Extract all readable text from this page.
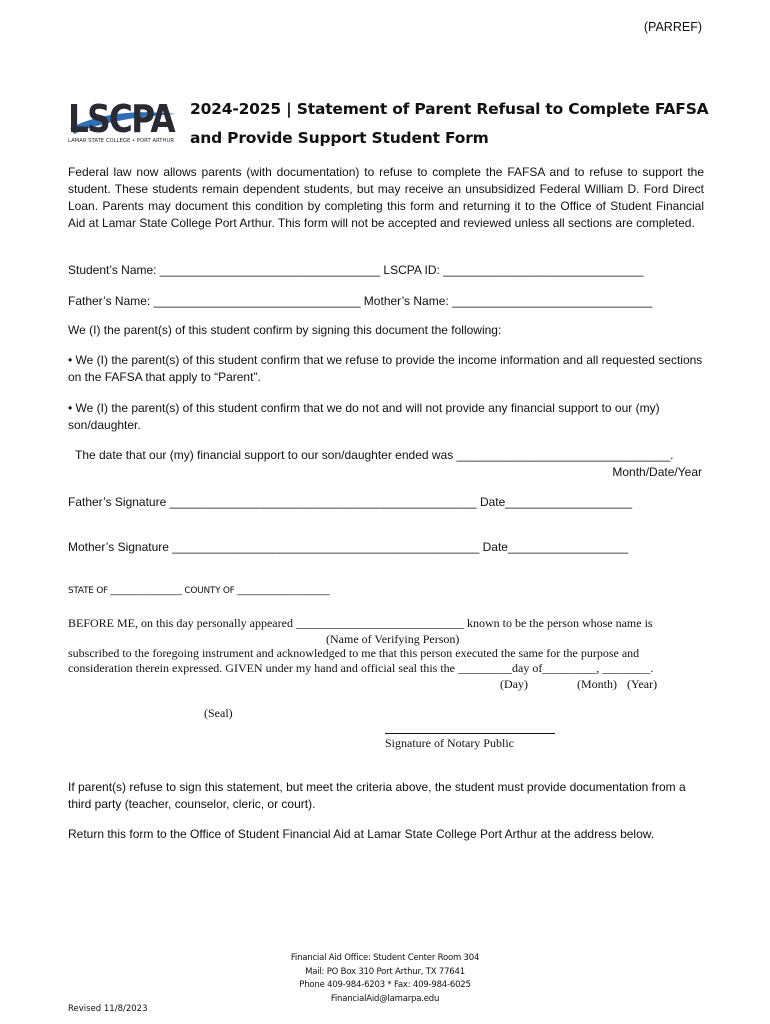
(PARREF)
LSCPA
LAMAR STATE COLLEGE • PORT ARTHUR
2024-2025 | Statement of Parent Refusal to Complete FAFSA
and Provide Support Student Form
Federal law now allows parents (with documentation) to refuse to complete the FAFSA and to refuse to support the student. These students remain dependent students, but may receive an unsubsidized Federal William D. Ford Direct Loan. Parents may document this condition by completing this form and returning it to the Office of Student Financial Aid at Lamar State College Port Arthur. This form will not be accepted and reviewed unless all sections are completed.
Student’s Name: _________________________________ LSCPA ID: ______________________________
Father’s Name: _______________________________ Mother’s Name: ______________________________
We (I) the parent(s) of this student confirm by signing this document the following:
• We (I) the parent(s) of this student confirm that we refuse to provide the income information and all requested sections on the FAFSA that apply to “Parent”.
• We (I) the parent(s) of this student confirm that we do not and will not provide any financial support to our (my) son/daughter.
The date that our (my) financial support to our son/daughter ended was ________________________________.
Month/Date/Year
Father’s Signature ______________________________________________ Date___________________
Mother’s Signature ______________________________________________ Date__________________
STATE OF _________________ COUNTY OF ______________________
BEFORE ME, on this day personally appeared ____________________________ known to be the person whose name is
(Name of Verifying Person)
subscribed to the foregoing instrument and acknowledged to me that this person executed the same for the purpose and
consideration therein expressed. GIVEN under my hand and official seal this the _________day of_________, ________.
(Day)	(Month) (Year)
(Seal)
Signature of Notary Public
If parent(s) refuse to sign this statement, but meet the criteria above, the student must provide documentation from a third party (teacher, counselor, cleric, or court).
Return this form to the Office of Student Financial Aid at Lamar State College Port Arthur at the address below.
Financial Aid Office: Student Center Room 304
Mail: PO Box 310 Port Arthur, TX 77641
Phone 409-984-6203 * Fax: 409-984-6025
FinancialAid@lamarpa.edu
Revised 11/8/2023
